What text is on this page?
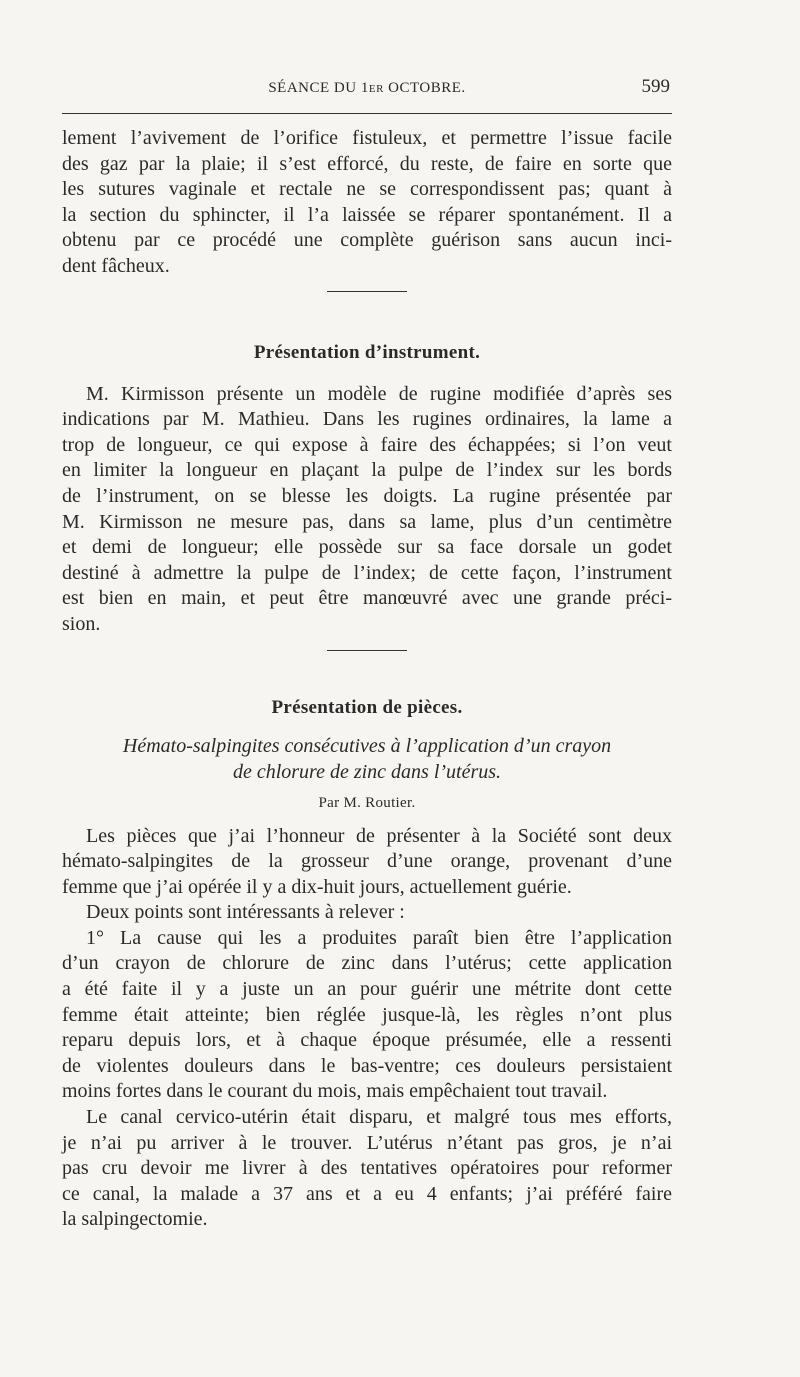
SÉANCE DU 1er OCTOBRE.	599
lement l’avivement de l’orifice fistuleux, et permettre l’issue facile
des gaz par la plaie; il s’est efforcé, du reste, de faire en sorte que
les sutures vaginale et rectale ne se correspondissent pas; quant à
la section du sphincter, il l’a laissée se réparer spontanément. Il a
obtenu par ce procédé une complète guérison sans aucun inci-
dent fâcheux.
Présentation d’instrument.
M. Kirmisson présente un modèle de rugine modifiée d’après ses
indications par M. Mathieu. Dans les rugines ordinaires, la lame a
trop de longueur, ce qui expose à faire des échappées; si l’on veut
en limiter la longueur en plaçant la pulpe de l’index sur les bords
de l’instrument, on se blesse les doigts. La rugine présentée par
M. Kirmisson ne mesure pas, dans sa lame, plus d’un centimètre
et demi de longueur; elle possède sur sa face dorsale un godet
destiné à admettre la pulpe de l’index; de cette façon, l’instrument
est bien en main, et peut être manœuvré avec une grande préci-
sion.
Présentation de pièces.
Hémato-salpingites consécutives à l’application d’un crayon
de chlorure de zinc dans l’utérus.
Par M. Routier.
Les pièces que j’ai l’honneur de présenter à la Société sont deux
hémato-salpingites de la grosseur d’une orange, provenant d’une
femme que j’ai opérée il y a dix-huit jours, actuellement guérie.
Deux points sont intéressants à relever :
1° La cause qui les a produites paraît bien être l’application
d’un crayon de chlorure de zinc dans l’utérus; cette application
a été faite il y a juste un an pour guérir une métrite dont cette
femme était atteinte; bien réglée jusque-là, les règles n’ont plus
reparu depuis lors, et à chaque époque présumée, elle a ressenti
de violentes douleurs dans le bas-ventre; ces douleurs persistaient
moins fortes dans le courant du mois, mais empêchaient tout travail.
Le canal cervico-utérin était disparu, et malgré tous mes efforts,
je n’ai pu arriver à le trouver. L’utérus n’étant pas gros, je n’ai
pas cru devoir me livrer à des tentatives opératoires pour reformer
ce canal, la malade a 37 ans et a eu 4 enfants; j’ai préféré faire
la salpingectomie.
